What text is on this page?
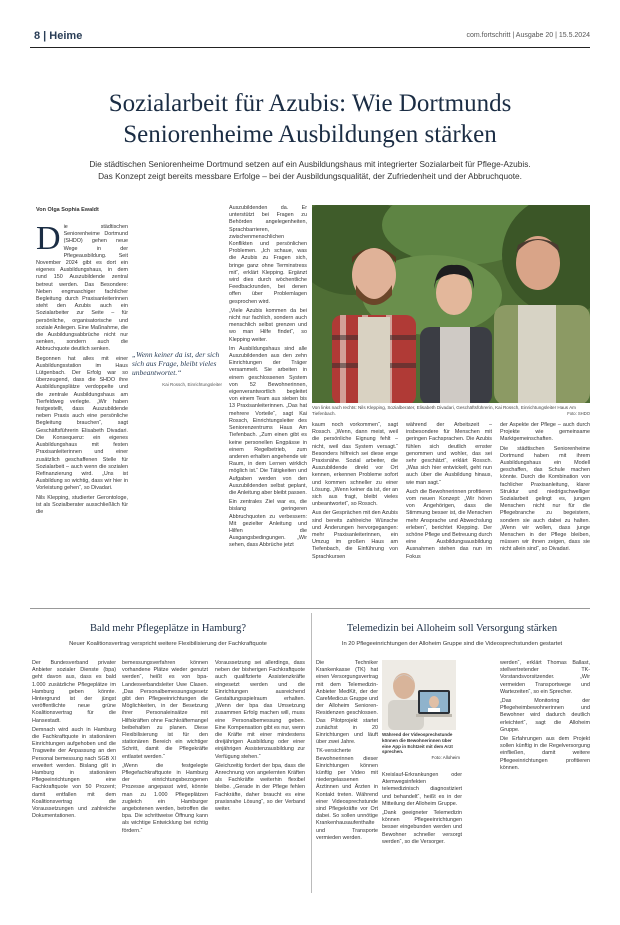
8 | Heime	com.fortschritt | Ausgabe 20 | 15.5.2024
Sozialarbeit für Azubis: Wie Dortmunds
Seniorenheime Ausbildungen stärken
Die städtischen Seniorenheime Dortmund setzen auf ein Ausbildungshaus mit integrierter Sozialarbeit für Pflege-Azubis.
Das Konzept zeigt bereits messbare Erfolge – bei der Ausbildungsqualität, der Zufriedenheit und der Abbruchquote.
Von Olga Sophia Ewaldt

Die städtischen Seniorenheime Dortmund (SHDO) gehen neue Wege in der Pflegeausbildung. Seit November 2024 gibt es dort ein eigenes Ausbildungshaus, in dem rund 150 Auszubildende zentral betreut werden. Das Besondere: Neben engmaschiger fachlicher Begleitung durch Praxisanleiterinnen steht den Azubis auch ein Sozialarbeiter zur Seite – für persönliche, organisatorische und soziale Anliegen. Eine Maßnahme, die die Ausbildungsabbrüche nicht nur senken, sondern auch die Abbruchquote deutlich senken.

Begonnen hat alles mit einer Ausbildungsstation im Haus Lütgenbach. Der Erfolg war so überzeugend, dass die SHDO ihre Ausbildungsplätze verdoppelte und die zentrale Ausbildungshaus am Tierfeldweg verlegte. „Wir haben festgestellt, dass Auszubildende neben Praxis auch eine persönliche Begleitung brauchen“, sagt Geschäftsführerin Elisabeth Divadari. Die Konsequenz: ein eigenes Ausbildungshaus mit festen Praxisanleiterinnen und einer zusätzlich geschaffenen Stelle für Sozialarbeit – auch wenn die sozialen Refinanzierung wird. „Uns ist Ausbildung so wichtig, dass wir hier in Vorleistung gehen“, so Divadari.

Nils Klepping, studierter Gerontologe, ist als Sozialberater ausschließlich für die

„Wenn keiner da ist, der sich sich aus Frage, bleibt vieles unbeantwortet.“
Kai Rossch, Einrichtungsleiter

Auszubildenden da. Er unterstützt bei Fragen zu Behörden angelegenheiten, Sprachbarrieren, zwischenmenschlichen Konflikten und persönlichen Problemen. „Ich schaue, was die Azubis zu Fragen sich, bringe ganz ohne Terminstress mit“, erklärt Klepping. Ergänzt wird dies durch wöchentliche Feedbackrunden, bei denen offen über Problemlagen gesprochen wird.

„Viele Azubis kommen da bei nicht nur fachlich, sondern auch menschlich selbst grenzen und wo man Hilfe findet“, so Klepping weiter.

Im Ausbildungshaus sind alle Auszubildenden aus den zehn Einrichtungen der Träger versammelt. Sie arbeiten in einem geschlossenen System von 52 Bewohnerinnen, eigenverantwortlich begleitet von einem Team aus sieben bis 13 Praxisanleiterinnen. „Das hat mehrere Vorteile“, sagt Kai Rossch, Einrichtungsleiter des Seniorenzentrums Haus Am Tiefenbach. „Zum einen gibt es keine personellen Engpässe in einem Regelbetrieb, zum anderen erhalten angehende wir Raum, in dem Lernen wirklich möglich ist.“ Die Tätigkeiten und Aufgaben werden von den Auszubildenden selbst geplant, die Anleitung aber bleibt passen.

Ein zentrales Ziel war es, die bislang geringeren Abbruchquoten zu verbessern: Mit gezielter Anleitung und Hilfen die Ausgangsbedingungen. „Wir sehen, dass Abbrüche jetzt

Von links nach rechts: Nils Klepping, Sozialberater, Elisabeth Divadari, Geschäftsführerin, Kai Rossch, Einrichtungsleiter Haus Am Tiefenbach.	Foto: SHDO

kaum noch vorkommen“, sagt Rossch. „Wenn, dann meist, weil die persönliche Eignung fehlt – nicht, weil das System versagt.“ Besonders hilfreich sei diese enge Praxisnähe. Sozial arbeiter, die Auszubildende direkt vor Ort kennen, erkennen Probleme sofort und kommen schneller zu einer Lösung. „Wenn keiner da ist, der an sich aus fragt, bleibt vieles unbeantwortet“, so Rossch.

Aus der Gesprächen mit den Azubis sind bereits zahlreiche Wünsche und Änderungen hervorgegangen: mehr Praxisanleiterinnen, ein Umzug im großen Haus am Tiefenbach, die Einführung von Sprachkursen

während der Arbeitszeit – insbesondere für Menschen mit geringen Fachsprachen. Die Azubis fühlen sich deutlich ernster genommen und wohler, das sei sehr geschätzt“, erklärt Rossch. „Was sich hier entwickelt, geht nun auch über die Ausbildung hinaus, wie man sagt.“

Auch die Bewohnerinnen profitieren vom neuen Konzept: „Wir hören von Angehörigen, dass die Stimmung besser ist, die Menschen mehr Ansprache und Abwechslung erleben“, berichtet Klepping. Der schöne Pflege und Betreuung durch eine Ausbildungsausbildung Ausnahmen stehen das nun im Fokus

der Aspekte der Pflege – auch durch Projekte wie gemeinsame Marktgemeinschaften.

Die städtischen Seniorenheime Dortmund haben mit ihrem Ausbildungshaus ein Modell geschaffen, das Schule machen könnte. Durch die Kombination von fachlicher Praxisanleitung, klarer Struktur und niedrigschwelliger Sozialarbeit gelingt es, jungen Menschen nicht nur für die Pflegebranche zu begeistern, sondern sie auch dabei zu halten. „Wenn wir wollen, dass junge Menschen in der Pflege bleiben, müssen wir ihnen zeigen, dass sie nicht allein sind“, so Divadari.

Bald mehr Pflegeplätze in Hamburg?
Neuer Koalitionsvertrag verspricht weitere Flexibilisierung der Fachkraftquote

Der Bundesverband privater Anbieter sozialer Dienste (bpa) geht davon aus, dass es bald 1.000 zusätzliche Pflegeplätze im Hamburg geben könnte. Hintergrund ist der jüngst veröffentlichte neue grüne Koalitionsvertrag für die Hansestadt.

Demnach wird auch in Hamburg die Fachkraftquote in stationären Einrichtungen aufgehoben und die Tragweite der Anpassung an den Personal bemessung nach SGB XI erweitert werden. Bislang gilt in Hamburg in stationären Pflegeeinrichtungen eine Fachkraftquote von 50 Prozent; damit entfallen mit dem Koalitionsvertrag die Voraussetzungen und zahlreiche Dokumentationen.

bemessungsverfahren können vorhandene Plätze wieder genutzt werden“, heißt es von bpa-Landesverbandsleiter Uwe Clasen. „Das Personalbemessungsgesetz gibt den Pflegeeinrichtungen die Möglichkeiten, in der Besetzung ihrer Personaleinsätze mit Hilfskräften ohne Fachkräftemangel beibehalten zu planen. Diese Flexibilisierung ist für den stationären Bereich ein wichtiger Schritt, damit die Pflegekräfte entlastet werden.“

„Wenn die festgelegte Pflegefachkraftquote in Hamburg der einrichtungsbezogenen Prozesse angepasst wird, könnte man zu 1.000 Pflegeplätzen zugleich ein Hamburger angebotenen werden, betroffen die bpa. Die schrittweise Öffnung kann als wichtige Entwicklung bei richtig fördern.“

Voraussetzung sei allerdings, dass neben der bisherigen Fachkraftquote auch qualifizierte Assistenzkräfte eingesetzt werden und die Einrichtungen ausreichend Gestaltungsspielraum erhalten. „Wenn der bpa das Umsetzung zusammen Erfolg machen will, muss eine Personalbemessung geben. Eine Kompensation gibt es nur, wenn die Kräfte mit einer mindestens dreijährigen Ausbildung oder einer einjährigen Assistenzausbildung zur Verfügung stehen.“

Gleichzeitig fordert der bpa, dass die Anrechnung von angelernten Kräften als Fachkräfte weiterhin flexibel bleibe. „Gerade in der Pflege fehlen Fachkräfte, daher braucht es eine praxisnahe Lösung“, so der Verband weiter.

Telemedizin bei Alloheim soll Versorgung stärken
In 20 Pflegeeinrichtungen der Alloheim Gruppe sind die Videosprechstunden gestartet

Die Techniker Krankenkasse (TK) hat einen Versorgungsvertrag mit dem Telemedizin-Anbieter MedKit, der der CareMedicus Gruppe und der Alloheim Senioren-Residenzen geschlossen. Das Pilotprojekt startet zunächst in 20 Einrichtungen und läuft über zwei Jahre.

TK-versicherte Bewohnerinnen dieser Einrichtungen können künftig per Video mit niedergelassenen Ärztinnen und Ärzten in Kontakt treten. Während einer Videosprechstunde sind Pflegekräfte vor Ort dabei. So sollen unnötige Krankenhausaufenthalte und Transporte vermieden werden.

Während der Videosprechstunde können die Bewohnerinnen über eine App in Echtzeit mit dem Arzt sprechen.
Foto: Alloheim

Kreislauf-Erkrankungen oder Atemwegsinfekten telemedizinisch diagnostiziert und behandelt“, heißt es in der Mitteilung der Alloheim Gruppe.

„Dank geeigneter Telemedizin können Pflegeeinrichtungen besser eingebunden werden und Bewohner schneller versorgt werden“, so die Versorger.

werden“, erklärt Thomas Ballast, stellvertretender TK-Vorstandsvorsitzender. „Wir vermeiden Transportwege und Wartezeiten“, so ein Sprecher.

„Das Monitoring der Pflegeheimbewohnerinnen und Bewohner wird dadurch deutlich erleichtert“, sagt die Alloheim Gruppe.

Die Erfahrungen aus dem Projekt sollen künftig in die Regelversorgung einfließen, damit weitere Pflegeeinrichtungen profitieren können.
